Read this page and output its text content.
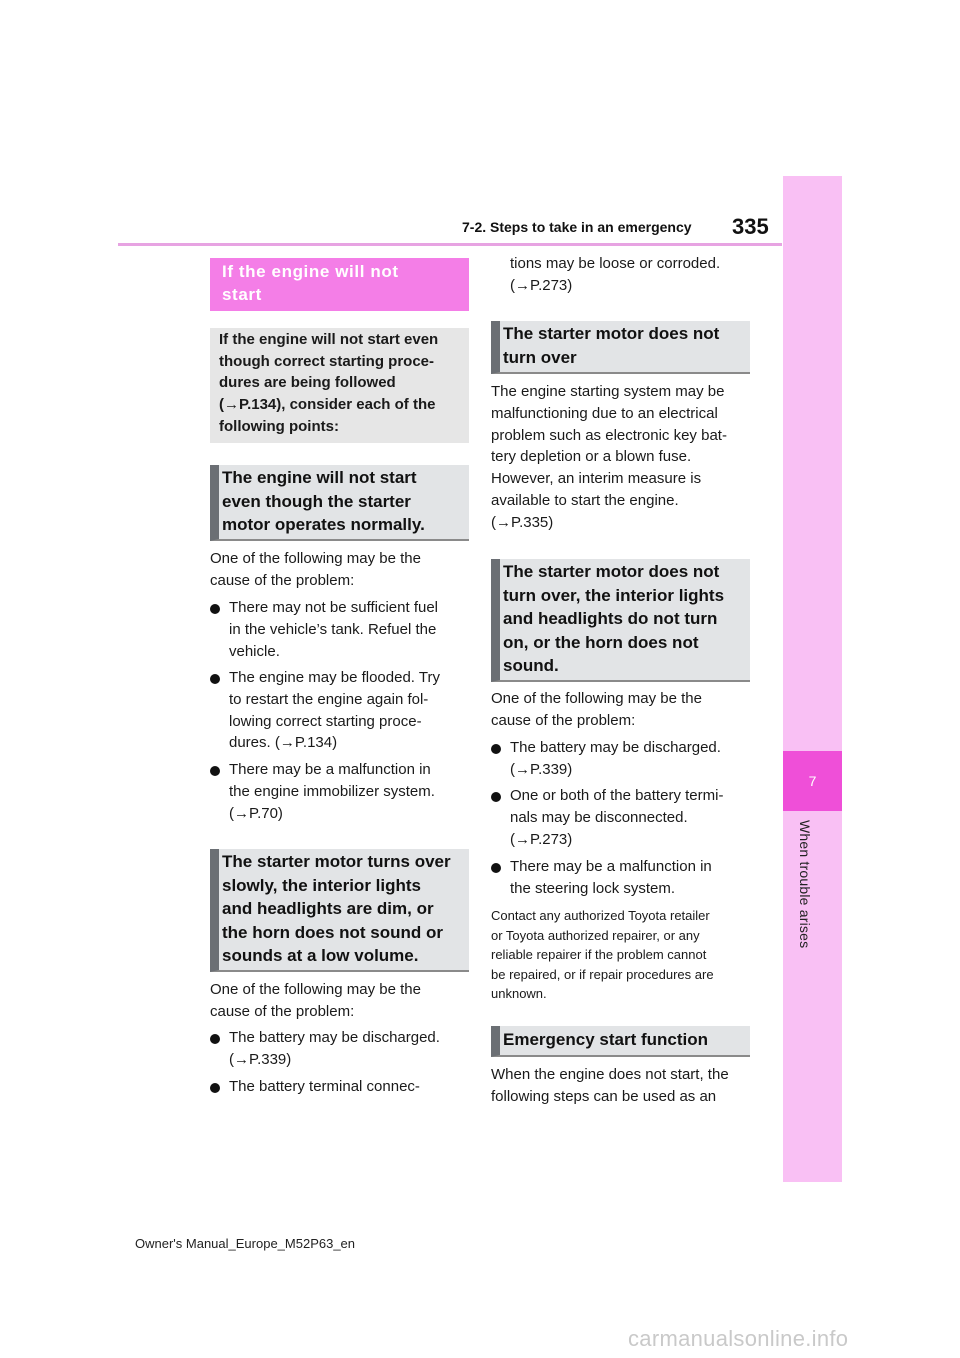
7-2. Steps to take in an emergency 335
7
When trouble arises
If the engine will not
start
If the engine will not start even
though correct starting proce-
dures are being followed
(→P.134), consider each of the
following points:
The engine will not start
even though the starter
motor operates normally.
One of the following may be the
cause of the problem:
There may not be sufficient fuel
in the vehicle’s tank. Refuel the
vehicle.
The engine may be flooded. Try
to restart the engine again fol-
lowing correct starting proce-
dures. (→P.134)
There may be a malfunction in
the engine immobilizer system.
(→P.70)
The starter motor turns over
slowly, the interior lights
and headlights are dim, or
the horn does not sound or
sounds at a low volume.
One of the following may be the
cause of the problem:
The battery may be discharged.
(→P.339)
The battery terminal connec-
tions may be loose or corroded.
(→P.273)
The starter motor does not
turn over
The engine starting system may be
malfunctioning due to an electrical
problem such as electronic key bat-
tery depletion or a blown fuse.
However, an interim measure is
available to start the engine.
(→P.335)
The starter motor does not
turn over, the interior lights
and headlights do not turn
on, or the horn does not
sound.
One of the following may be the
cause of the problem:
The battery may be discharged.
(→P.339)
One or both of the battery termi-
nals may be disconnected.
(→P.273)
There may be a malfunction in
the steering lock system.
Contact any authorized Toyota retailer
or Toyota authorized repairer, or any
reliable repairer if the problem cannot
be repaired, or if repair procedures are
unknown.
Emergency start function
When the engine does not start, the
following steps can be used as an
Owner's Manual_Europe_M52P63_en
carmanualsonline.info
